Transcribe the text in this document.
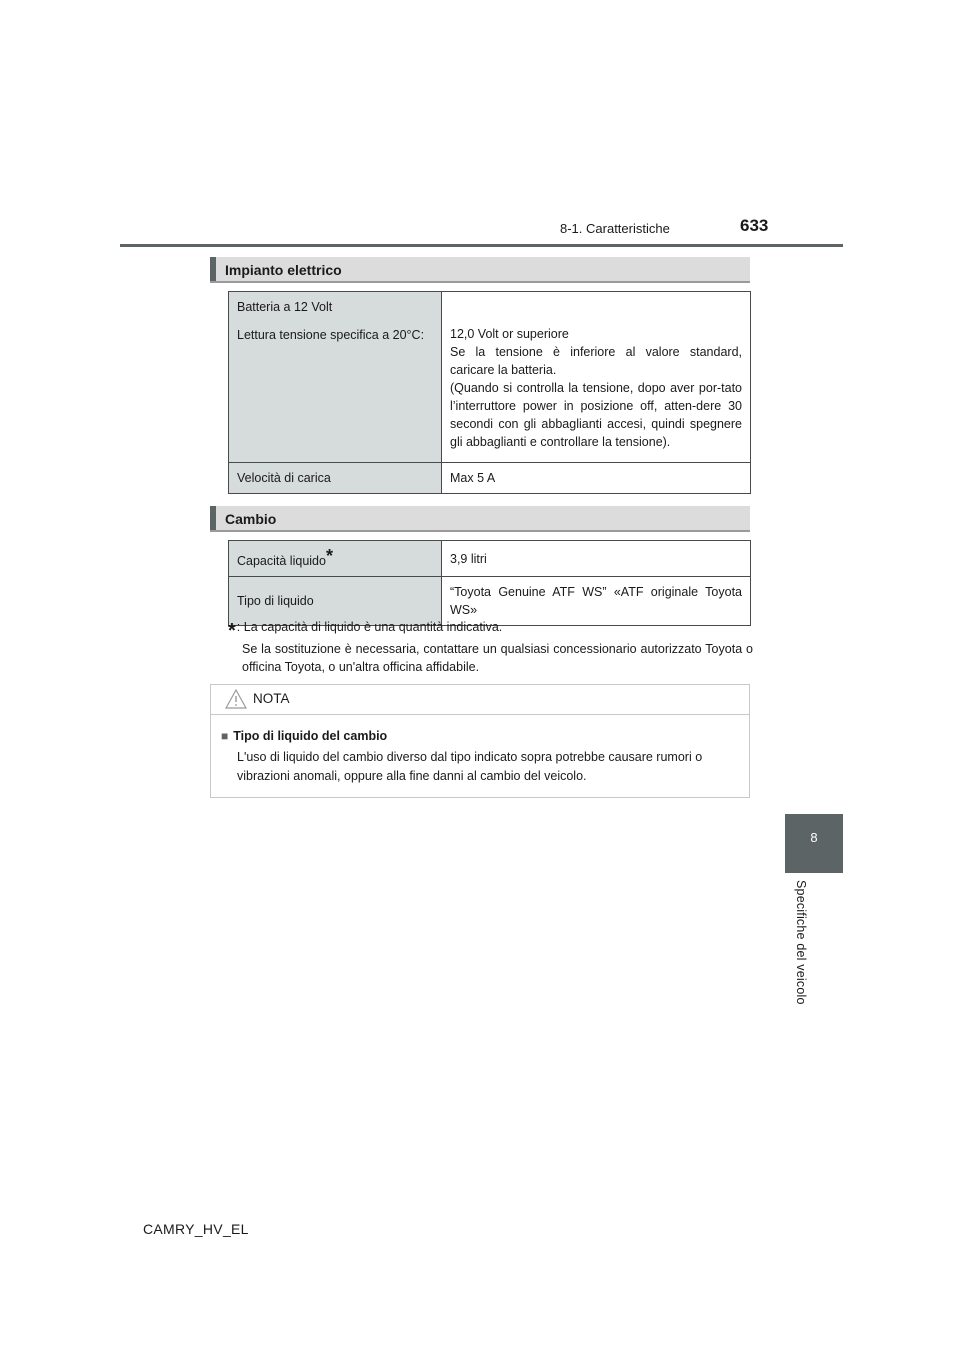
8-1. Caratteristiche	633
8
Specifiche del veicolo
Impianto elettrico
Batteria a 12 Volt
Lettura tensione specifica a 20°C:	12,0 Volt or superiore
Se la tensione è inferiore al valore standard, caricare la batteria.
(Quando si controlla la tensione, dopo aver por-tato l’interruttore power in posizione off, atten-dere 30 secondi con gli abbaglianti accesi, quindi spegnere gli abbaglianti e controllare la tensione).

Velocità di carica	Max 5 A
Cambio
Capacità liquido*	3,9 litri
Tipo di liquido	“Toyota Genuine ATF WS” «ATF originale Toyota WS»
*: La capacità di liquido è una quantità indicativa.
Se la sostituzione è necessaria, contattare un qualsiasi concessionario autorizzato Toyota o officina Toyota, o un'altra officina affidabile.
NOTA
■ Tipo di liquido del cambio
L'uso di liquido del cambio diverso dal tipo indicato sopra potrebbe causare rumori o vibrazioni anomali, oppure alla fine danni al cambio del veicolo.
CAMRY_HV_EL
